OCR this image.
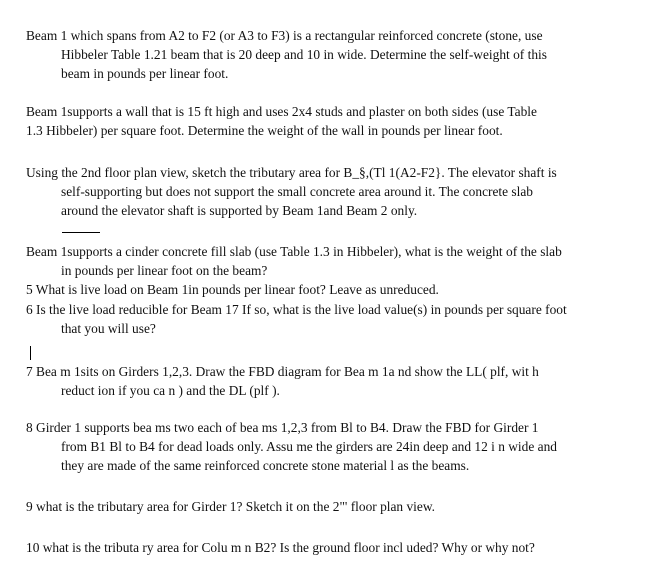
Beam 1 which spans from A2 to F2 (or A3 to F3) is a rectangular reinforced concrete (stone, use
Hibbeler Table 1.21 beam that is 20 deep and 10 in wide. Determine the self-weight of this
beam in pounds per linear foot.
Beam 1supports a wall that is 15 ft high and uses 2x4 studs and plaster on both sides (use Table
1.3 Hibbeler) per square foot. Determine the weight of the wall in pounds per linear foot.
Using the 2nd floor plan view, sketch the tributary area for B_§,(Tl 1(A2-F2}. The elevator shaft is
self-supporting but does not support the small concrete area around it. The concrete slab
around the elevator shaft is supported by Beam 1and Beam 2 only.
Beam 1supports a cinder concrete fill slab (use Table 1.3 in Hibbeler), what is the weight of the slab
in pounds per linear foot on the beam?
5 What is live load on Beam 1in pounds per linear foot? Leave as unreduced.
6 Is the live load reducible for Beam 17 If so, what is the live load value(s) in pounds per square foot
that you will use?
7 Bea m 1sits on Girders 1,2,3. Draw the FBD diagram for Bea m 1a nd show the LL( plf, wit h
reduct ion if you ca n ) and the DL (plf ).
8 Girder 1 supports bea ms two each of bea ms 1,2,3 from Bl to B4. Draw the FBD for Girder 1
from B1 Bl to B4 for dead loads only. Assu me the girders are 24in deep and 12 i n wide and
they are made of the same reinforced concrete stone material l as the beams.
9 what is the tributary area for Girder 1? Sketch it on the 2"' floor plan view.
10 what is the tributa ry area for Colu m n B2? Is the ground floor incl uded? Why or why not?
